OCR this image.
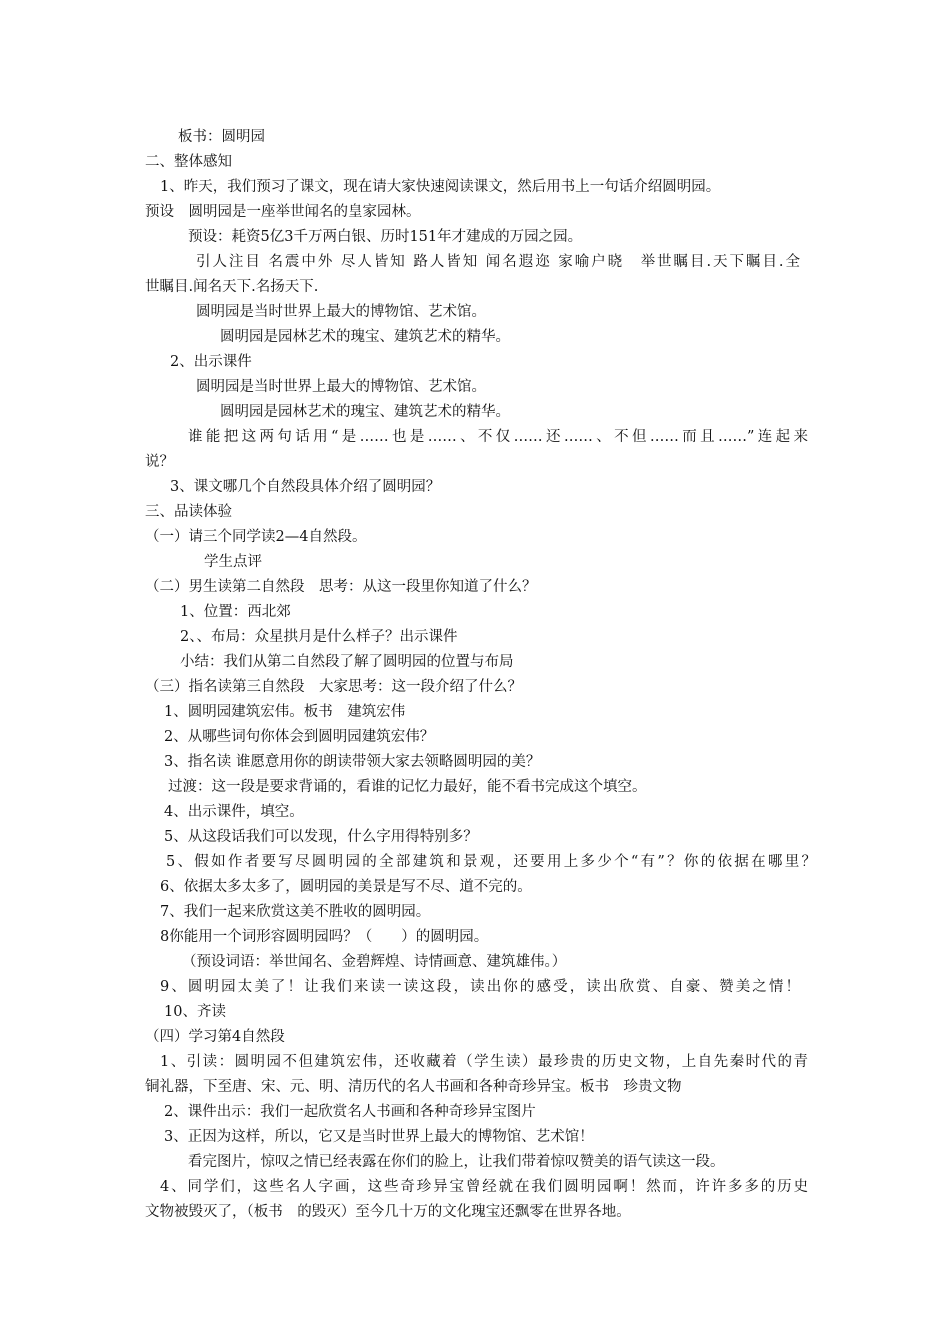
板书：圆明园
二、整体感知
1、昨天，我们预习了课文，现在请大家快速阅读课文，然后用书上一句话介绍圆明园。
预设　圆明园是一座举世闻名的皇家园林。
预设：耗资5亿3千万两白银、历时151年才建成的万园之园。
引人注目 名震中外 尽人皆知 路人皆知 闻名遐迩 家喻户晓　举世瞩目.天下瞩目.全
世瞩目.闻名天下.名扬天下.
圆明园是当时世界上最大的博物馆、艺术馆。
圆明园是园林艺术的瑰宝、建筑艺术的精华。
2、出示课件
圆明园是当时世界上最大的博物馆、艺术馆。
圆明园是园林艺术的瑰宝、建筑艺术的精华。
谁能把这两句话用“是……也是……、不仅……还……、不但……而且……”连起来
说？
3、课文哪几个自然段具体介绍了圆明园？
三、品读体验
（一）请三个同学读2—4自然段。
学生点评
（二）男生读第二自然段　思考：从这一段里你知道了什么？
1、位置：西北郊
2、、布局：众星拱月是什么样子？出示课件
小结：我们从第二自然段了解了圆明园的位置与布局
（三）指名读第三自然段　大家思考：这一段介绍了什么？
1、圆明园建筑宏伟。板书　建筑宏伟
2、从哪些词句你体会到圆明园建筑宏伟？
3、指名读 谁愿意用你的朗读带领大家去领略圆明园的美？
过渡：这一段是要求背诵的，看谁的记忆力最好，能不看书完成这个填空。
4、出示课件，填空。
5、从这段话我们可以发现，什么字用得特别多？
5、假如作者要写尽圆明园的全部建筑和景观，还要用上多少个“有”？你的依据在哪里？
6、依据太多太多了，圆明园的美景是写不尽、道不完的。
7、我们一起来欣赏这美不胜收的圆明园。
8你能用一个词形容圆明园吗？（　　）的圆明园。
（预设词语：举世闻名、金碧辉煌、诗情画意、建筑雄伟。）
9、圆明园太美了！让我们来读一读这段，读出你的感受，读出欣赏、自豪、赞美之情！
10、齐读
（四）学习第4自然段
1、引读：圆明园不但建筑宏伟，还收藏着（学生读）最珍贵的历史文物，上自先秦时代的青
铜礼器，下至唐、宋、元、明、清历代的名人书画和各种奇珍异宝。板书　珍贵文物
2、课件出示：我们一起欣赏名人书画和各种奇珍异宝图片
3、正因为这样，所以，它又是当时世界上最大的博物馆、艺术馆！
看完图片，惊叹之情已经表露在你们的脸上，让我们带着惊叹赞美的语气读这一段。
4、同学们，这些名人字画，这些奇珍异宝曾经就在我们圆明园啊！然而，许许多多的历史
文物被毁灭了，（板书　的毁灭）至今几十万的文化瑰宝还飘零在世界各地。
